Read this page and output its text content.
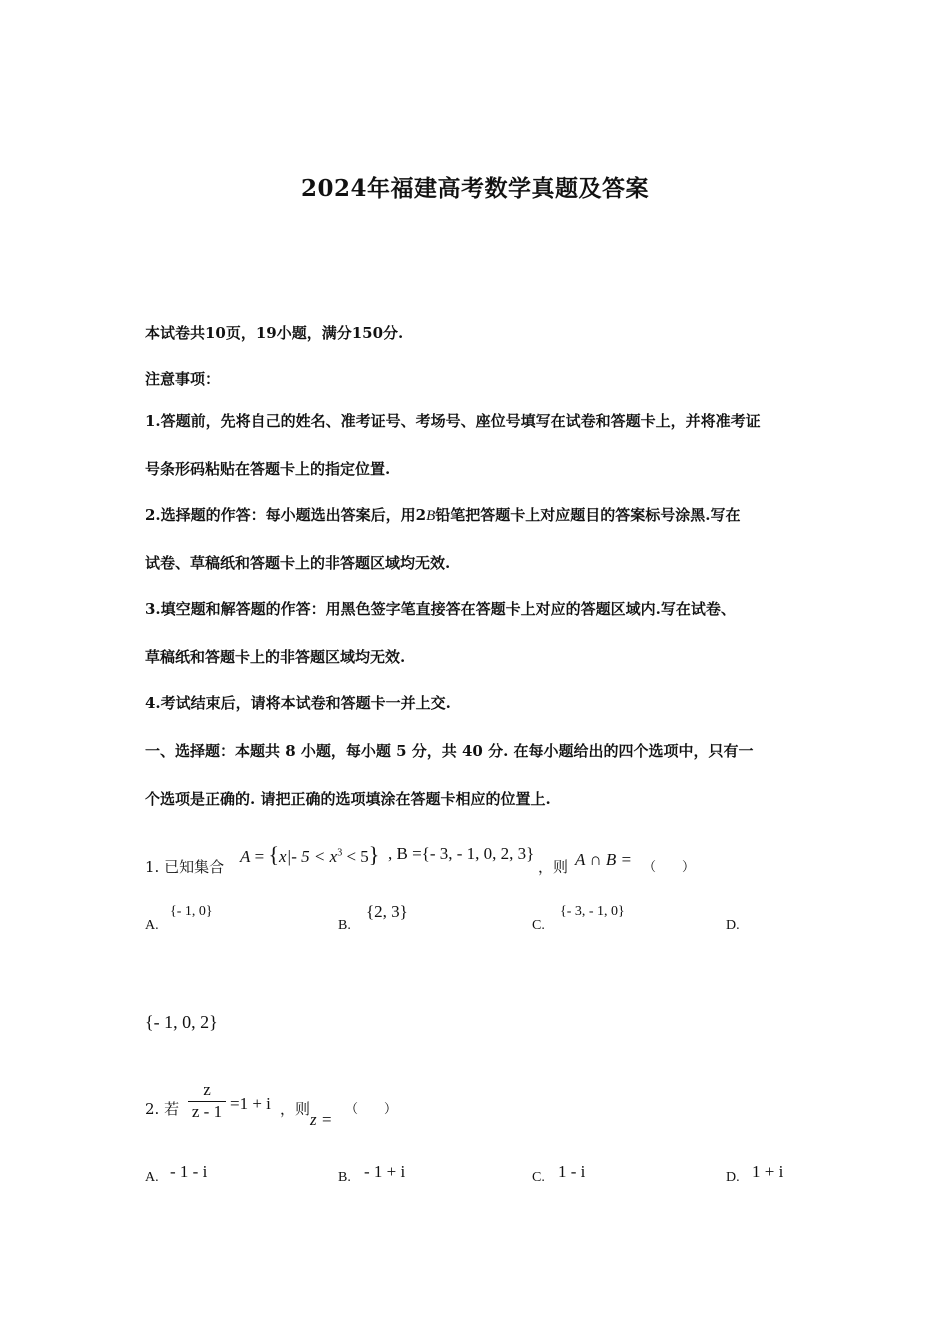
2024年福建高考数学真题及答案
本试卷共10页，19小题，满分150分.
注意事项：
1.答题前，先将自己的姓名、准考证号、考场号、座位号填写在试卷和答题卡上，并将准考证
号条形码粘贴在答题卡上的指定位置.
2.选择题的作答：每小题选出答案后，用2B铅笔把答题卡上对应题目的答案标号涂黑.写在
试卷、草稿纸和答题卡上的非答题区域均无效.
3.填空题和解答题的作答：用黑色签字笔直接答在答题卡上对应的答题区域内.写在试卷、
草稿纸和答题卡上的非答题区域均无效.
4.考试结束后，请将本试卷和答题卡一并上交.
一、选择题：本题共 8 小题，每小题 5 分，共 40 分. 在每小题给出的四个选项中，只有一
个选项是正确的. 请把正确的选项填涂在答题卡相应的位置上.
1. 已知集合
A = {x|- $5 < x^3 < 5$} , B ={- 3, - 1, 0, 2, 3}
，则 A ∩ B = （　　）
A.
{- 1, 0}
B.
{2, 3}
C.
{- 3, - 1, 0}
D.
{- 1, 0, 2}
2. 若 $\frac{z}{z - 1} =1 + i$ ，则
z =
（　　）
A. - 1 - i	B. - 1 + i	C. 1 - i	D. 1 + i
